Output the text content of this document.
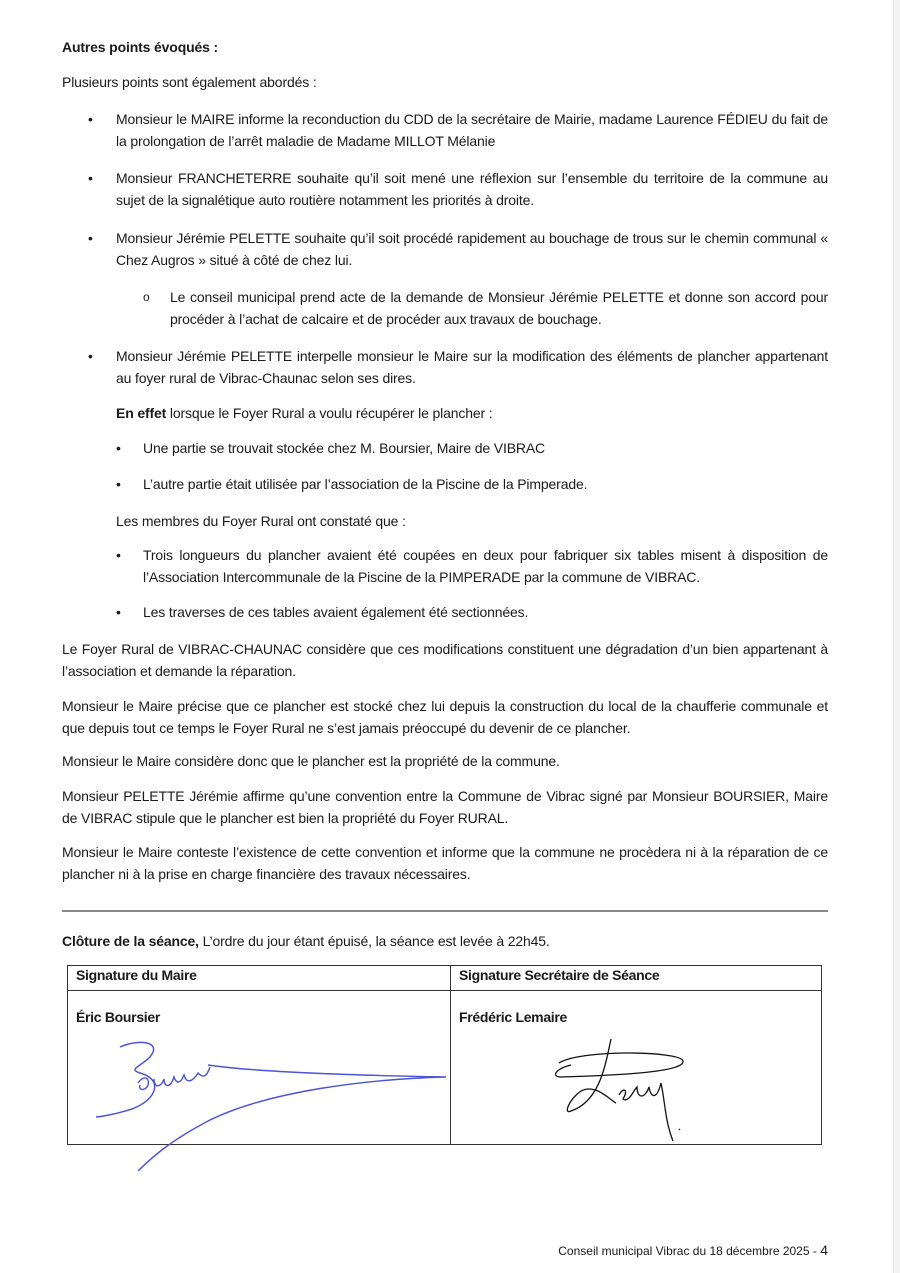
Autres points évoqués :
Plusieurs points sont également abordés :
• Monsieur le MAIRE informe la reconduction du CDD de la secrétaire de Mairie, madame Laurence FÉDIEU du fait de la prolongation de l’arrêt maladie de Madame MILLOT Mélanie
• Monsieur FRANCHETERRE souhaite qu’il soit mené une réflexion sur l’ensemble du territoire de la commune au sujet de la signalétique auto routière notamment les priorités à droite.
• Monsieur Jérémie PELETTE souhaite qu’il soit procédé rapidement au bouchage de trous sur le chemin communal « Chez Augros » situé à côté de chez lui.
o Le conseil municipal prend acte de la demande de Monsieur Jérémie PELETTE et donne son accord pour procéder à l’achat de calcaire et de procéder aux travaux de bouchage.
• Monsieur Jérémie PELETTE interpelle monsieur le Maire sur la modification des éléments de plancher appartenant au foyer rural de Vibrac-Chaunac selon ses dires.
En effet lorsque le Foyer Rural a voulu récupérer le plancher :
• Une partie se trouvait stockée chez M. Boursier, Maire de VIBRAC
• L’autre partie était utilisée par l’association de la Piscine de la Pimperade.
Les membres du Foyer Rural ont constaté que :
• Trois longueurs du plancher avaient été coupées en deux pour fabriquer six tables misent à disposition de l’Association Intercommunale de la Piscine de la PIMPERADE par la commune de VIBRAC.
• Les traverses de ces tables avaient également été sectionnées.
Le Foyer Rural de VIBRAC-CHAUNAC considère que ces modifications constituent une dégradation d’un bien appartenant à l’association et demande la réparation.
Monsieur le Maire précise que ce plancher est stocké chez lui depuis la construction du local de la chaufferie communale et que depuis tout ce temps le Foyer Rural ne s’est jamais préoccupé du devenir de ce plancher.
Monsieur le Maire considère donc que le plancher est la propriété de la commune.
Monsieur PELETTE Jérémie affirme qu’une convention entre la Commune de Vibrac signé par Monsieur BOURSIER, Maire de VIBRAC stipule que le plancher est bien la propriété du Foyer RURAL.
Monsieur le Maire conteste l’existence de cette convention et informe que la commune ne procèdera ni à la réparation de ce plancher ni à la prise en charge financière des travaux nécessaires.
Clôture de la séance, L’ordre du jour étant épuisé, la séance est levée à 22h45.
Signature du Maire	Signature Secrétaire de Séance

Éric Boursier	Frédéric Lemaire
Conseil municipal Vibrac du 18 décembre 2025 - 4
